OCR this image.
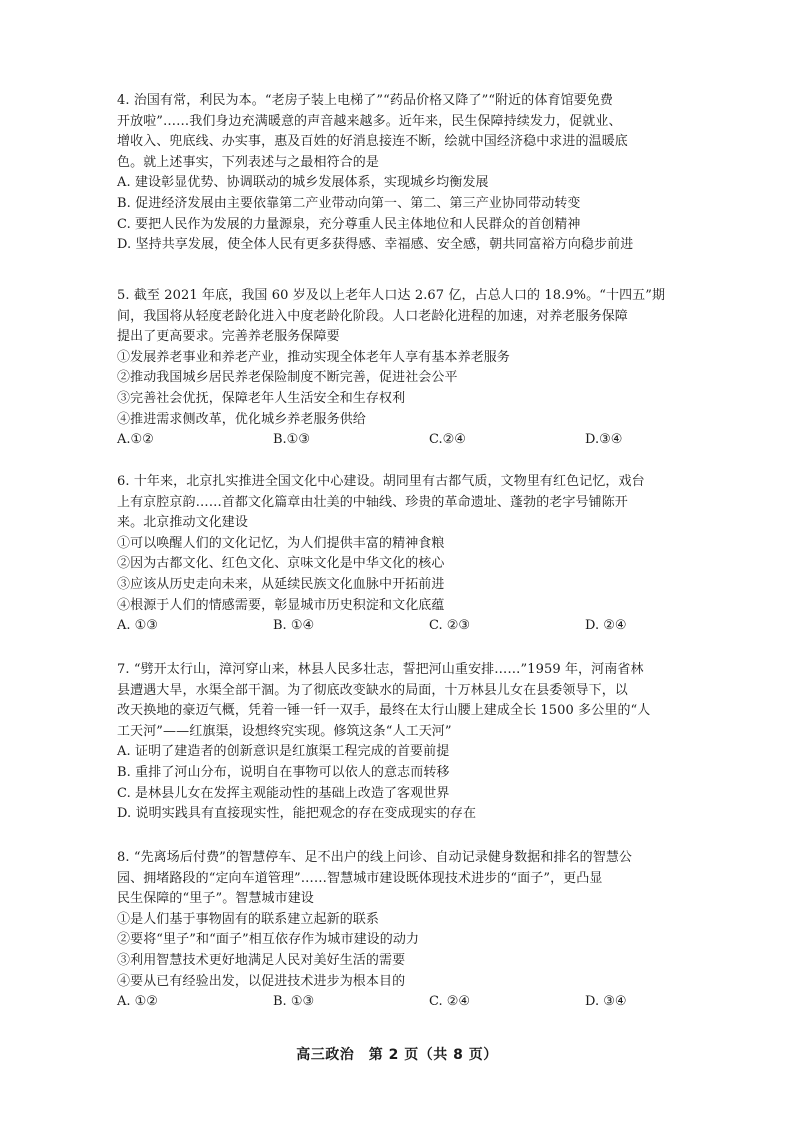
4. 治国有常，利民为本。“老房子装上电梯了”“药品价格又降了”“附近的体育馆要免费
开放啦”……我们身边充满暖意的声音越来越多。近年来，民生保障持续发力，促就业、
增收入、兜底线、办实事，惠及百姓的好消息接连不断，绘就中国经济稳中求进的温暖底
色。就上述事实，下列表述与之最相符合的是
A. 建设彰显优势、协调联动的城乡发展体系，实现城乡均衡发展
B. 促进经济发展由主要依靠第二产业带动向第一、第二、第三产业协同带动转变
C. 要把人民作为发展的力量源泉，充分尊重人民主体地位和人民群众的首创精神
D. 坚持共享发展，使全体人民有更多获得感、幸福感、安全感，朝共同富裕方向稳步前进
5. 截至 2021 年底，我国 60 岁及以上老年人口达 2.67 亿，占总人口的 18.9%。“十四五”期
间，我国将从轻度老龄化进入中度老龄化阶段。人口老龄化进程的加速，对养老服务保障
提出了更高要求。完善养老服务保障要
①发展养老事业和养老产业，推动实现全体老年人享有基本养老服务
②推动我国城乡居民养老保险制度不断完善，促进社会公平
③完善社会优抚，保障老年人生活安全和生存权利
④推进需求侧改革，优化城乡养老服务供给
A.①②	B.①③	C.②④	D.③④
6. 十年来，北京扎实推进全国文化中心建设。胡同里有古都气质，文物里有红色记忆，戏台
上有京腔京韵……首都文化篇章由壮美的中轴线、珍贵的革命遗址、蓬勃的老字号铺陈开
来。北京推动文化建设
①可以唤醒人们的文化记忆，为人们提供丰富的精神食粮
②因为古都文化、红色文化、京味文化是中华文化的核心
③应该从历史走向未来，从延续民族文化血脉中开拓前进
④根源于人们的情感需要，彰显城市历史积淀和文化底蕴
A. ①③	B. ①④	C. ②③	D. ②④
7. “劈开太行山，漳河穿山来，林县人民多壮志，誓把河山重安排……”1959 年，河南省林
县遭遇大旱，水渠全部干涸。为了彻底改变缺水的局面，十万林县儿女在县委领导下，以
改天换地的豪迈气概，凭着一锤一钎一双手，最终在太行山腰上建成全长 1500 多公里的“人
工天河”——红旗渠，设想终究实现。修筑这条“人工天河”
A. 证明了建造者的创新意识是红旗渠工程完成的首要前提
B. 重排了河山分布，说明自在事物可以依人的意志而转移
C. 是林县儿女在发挥主观能动性的基础上改造了客观世界
D. 说明实践具有直接现实性，能把观念的存在变成现实的存在
8. “先离场后付费”的智慧停车、足不出户的线上问诊、自动记录健身数据和排名的智慧公
园、拥堵路段的“定向车道管理”……智慧城市建设既体现技术进步的“面子”，更凸显
民生保障的“里子”。智慧城市建设
①是人们基于事物固有的联系建立起新的联系
②要将“里子”和“面子”相互依存作为城市建设的动力
③利用智慧技术更好地满足人民对美好生活的需要
④要从已有经验出发，以促进技术进步为根本目的
A. ①②	B. ①③	C. ②④	D. ③④
高三政治　第 2 页（共 8 页）
